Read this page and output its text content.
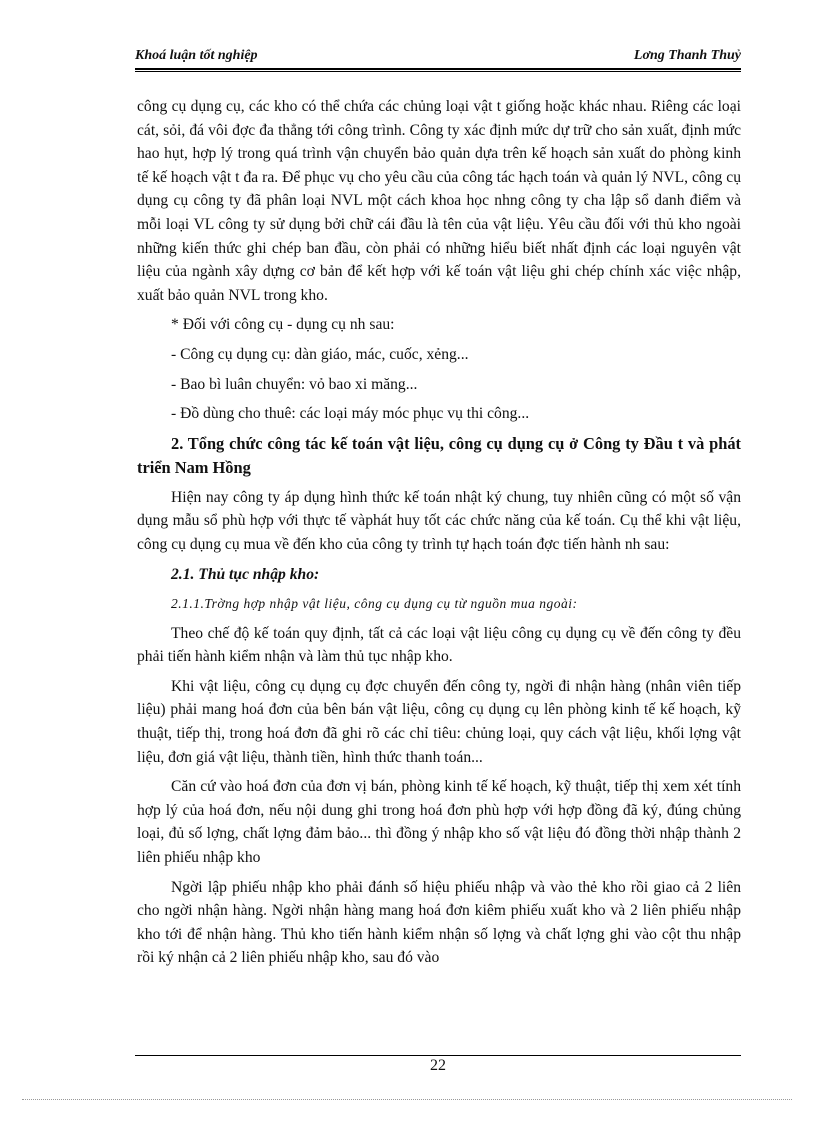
Khoá luận tốt nghiệp	Lơng Thanh Thuỷ

công cụ dụng cụ, các kho có thể chứa các chủng loại vật t giống hoặc khác nhau. Riêng các loại cát, sỏi, đá vôi đợc đa thẳng tới công trình. Công ty xác định mức dự trữ cho sản xuất, định mức hao hụt, hợp lý trong quá trình vận chuyển bảo quản dựa trên kế hoạch sản xuất do phòng kinh tế kế hoạch vật t đa ra. Để phục vụ cho yêu cầu của công tác hạch toán và quản lý NVL, công cụ dụng cụ công ty đã phân loại NVL một cách khoa học nhng công ty cha lập sổ danh điểm và mỗi loại VL công ty sử dụng bởi chữ cái đầu là tên của vật liệu. Yêu cầu đối với thủ kho ngoài những kiến thức ghi chép ban đầu, còn phải có những hiểu biết nhất định các loại nguyên vật liệu của ngành xây dựng cơ bản để kết hợp với kế toán vật liệu ghi chép chính xác việc nhập, xuất bảo quản NVL trong kho.

* Đối với công cụ - dụng cụ nh sau:

- Công cụ dụng cụ: dàn giáo, mác, cuốc, xẻng...

- Bao bì luân chuyển: vỏ bao xi măng...

- Đồ dùng cho thuê: các loại máy móc phục vụ thi công...

2. Tổng chức công tác kế toán vật liệu, công cụ dụng cụ ở Công ty Đầu t và phát triển Nam Hồng

Hiện nay công ty áp dụng hình thức kế toán nhật ký chung, tuy nhiên cũng có một số vận dụng mẫu sổ phù hợp với thực tế vàphát huy tốt các chức năng của kế toán. Cụ thể khi vật liệu, công cụ dụng cụ mua về đến kho của công ty trình tự hạch toán đợc tiến hành nh sau:

2.1. Thủ tục nhập kho:

2.1.1.Trờng hợp nhập vật liệu, công cụ dụng cụ từ nguồn mua ngoài:

Theo chế độ kế toán quy định, tất cả các loại vật liệu công cụ dụng cụ về đến công ty đều phải tiến hành kiểm nhận và làm thủ tục nhập kho.

Khi vật liệu, công cụ dụng cụ đợc chuyển đến công ty, ngời đi nhận hàng (nhân viên tiếp liệu) phải mang hoá đơn của bên bán vật liệu, công cụ dụng cụ lên phòng kinh tế kế hoạch, kỹ thuật, tiếp thị, trong hoá đơn đã ghi rõ các chỉ tiêu: chủng loại, quy cách vật liệu, khối lợng vật liệu, đơn giá vật liệu, thành tiền, hình thức thanh toán...

Căn cứ vào hoá đơn của đơn vị bán, phòng kinh tế kế hoạch, kỹ thuật, tiếp thị xem xét tính hợp lý của hoá đơn, nếu nội dung ghi trong hoá đơn phù hợp với hợp đồng đã ký, đúng chủng loại, đủ số lợng, chất lợng đảm bảo... thì đồng ý nhập kho số vật liệu đó đồng thời nhập thành 2 liên phiếu nhập kho

Ngời lập phiếu nhập kho phải đánh số hiệu phiếu nhập và vào thẻ kho rồi giao cả 2 liên cho ngời nhận hàng. Ngời nhận hàng mang hoá đơn kiêm phiếu xuất kho và 2 liên phiếu nhập kho tới để nhận hàng. Thủ kho tiến hành kiểm nhận số lợng và chất lợng ghi vào cột thu nhập rồi ký nhận cả 2 liên phiếu nhập kho, sau đó vào

22
